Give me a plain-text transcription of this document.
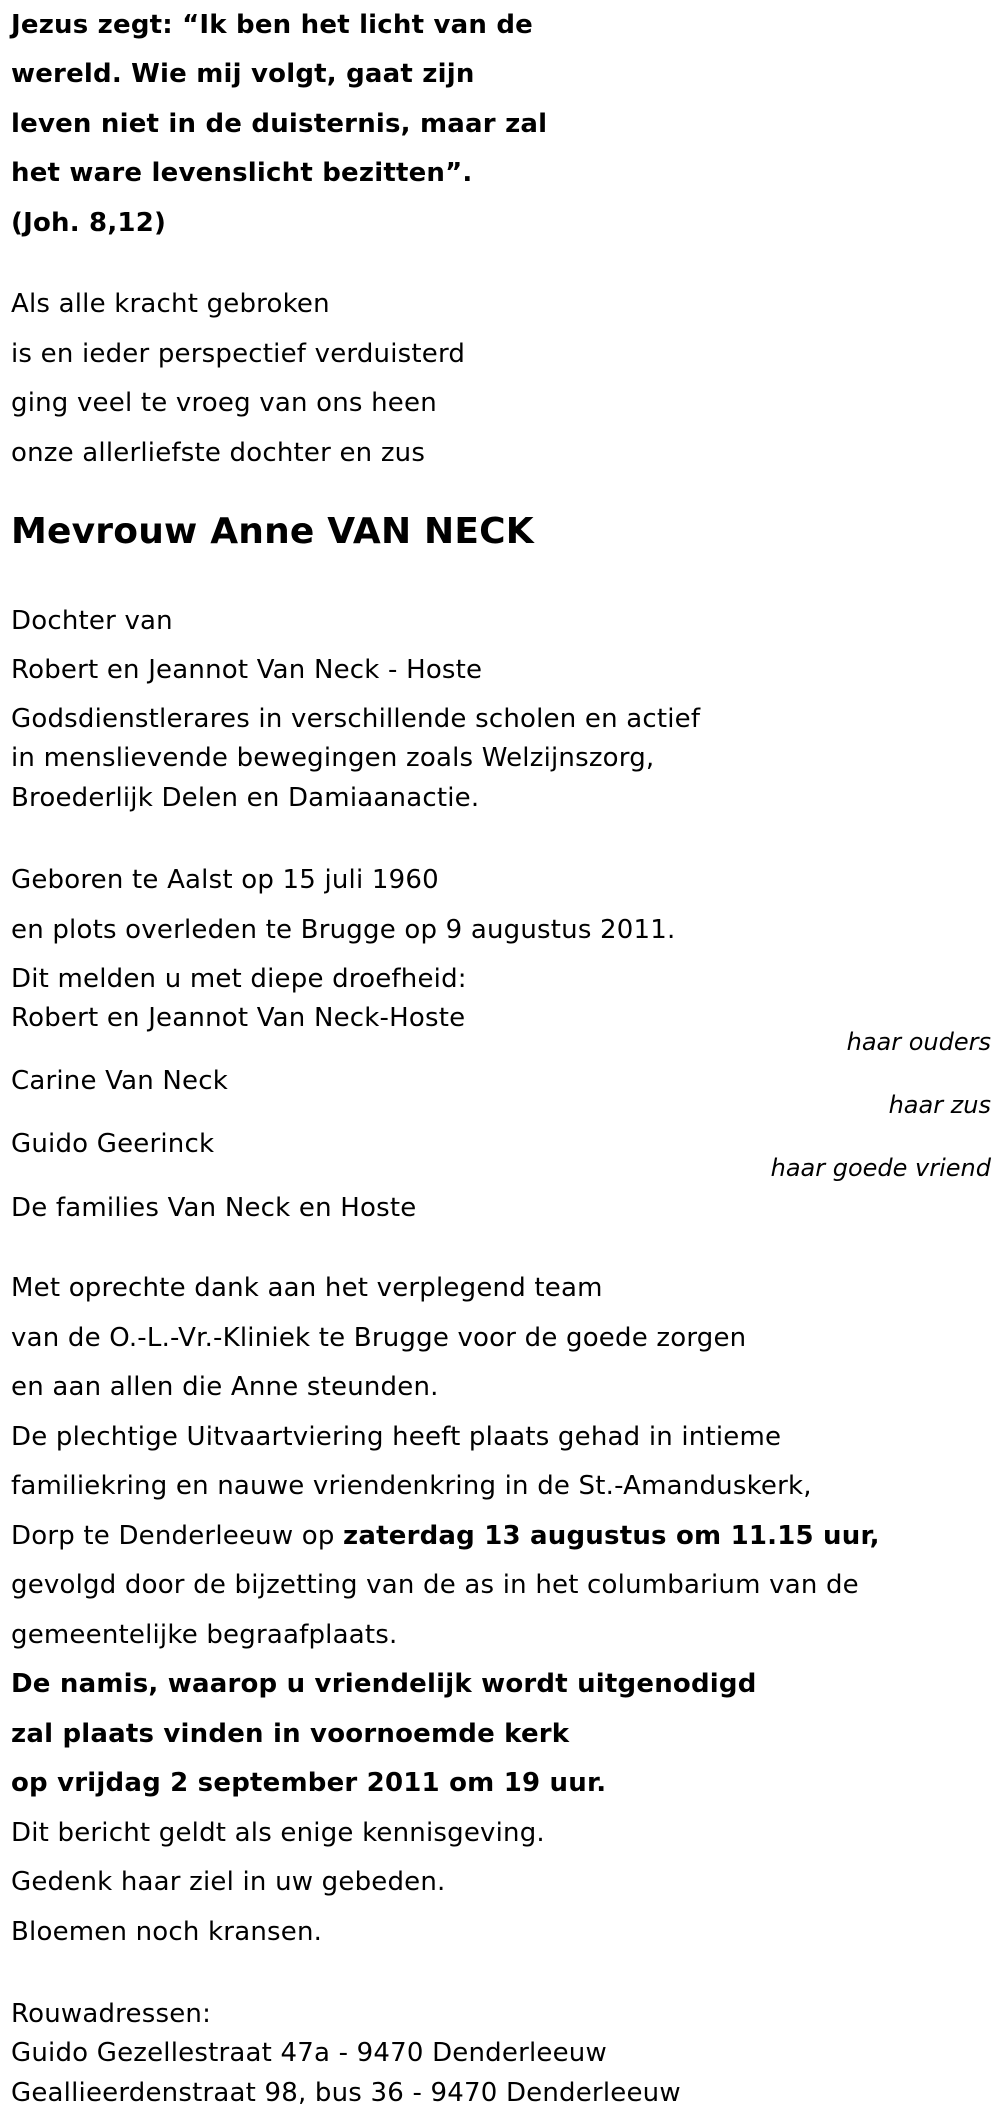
Jezus zegt: “Ik ben het licht van de
wereld. Wie mij volgt, gaat zijn
leven niet in de duisternis, maar zal
het ware levenslicht bezitten”.
(Joh. 8,12)
Als alle kracht gebroken
is en ieder perspectief verduisterd
ging veel te vroeg van ons heen
onze allerliefste dochter en zus
Mevrouw Anne VAN NECK
Dochter van
Robert en Jeannot Van Neck - Hoste
Godsdienstlerares in verschillende scholen en actief
in menslievende bewegingen zoals Welzijnszorg,
Broederlijk Delen en Damiaanactie.
Geboren te Aalst op 15 juli 1960
en plots overleden te Brugge op 9 augustus 2011.
Dit melden u met diepe droefheid:
Robert en Jeannot Van Neck-Hoste
haar ouders
Carine Van Neck
haar zus
Guido Geerinck
haar goede vriend
De families Van Neck en Hoste
Met oprechte dank aan het verplegend team
van de O.-L.-Vr.-Kliniek te Brugge voor de goede zorgen
en aan allen die Anne steunden.
De plechtige Uitvaartviering heeft plaats gehad in intieme
familiekring en nauwe vriendenkring in de St.-Amanduskerk,
Dorp te Denderleeuw op zaterdag 13 augustus om 11.15 uur,
gevolgd door de bijzetting van de as in het columbarium van de
gemeentelijke begraafplaats.
De namis, waarop u vriendelijk wordt uitgenodigd
zal plaats vinden in voornoemde kerk
op vrijdag 2 september 2011 om 19 uur.
Dit bericht geldt als enige kennisgeving.
Gedenk haar ziel in uw gebeden.
Bloemen noch kransen.
Rouwadressen:
Guido Gezellestraat 47a - 9470 Denderleeuw
Geallieerdenstraat 98, bus 36 - 9470 Denderleeuw
